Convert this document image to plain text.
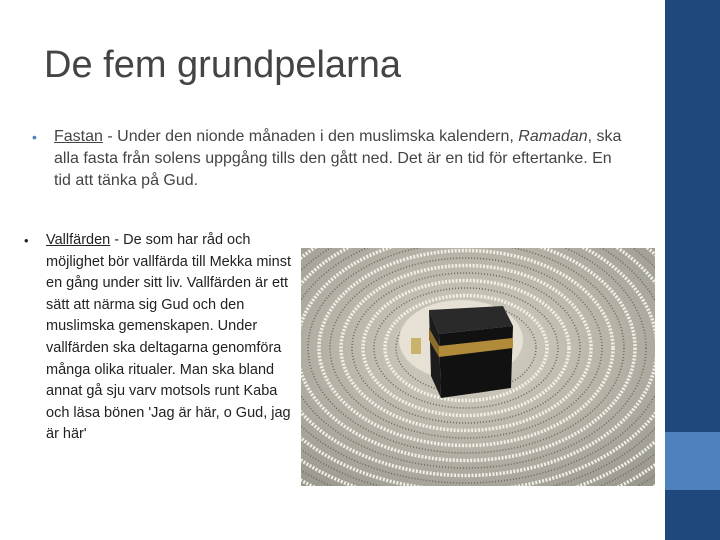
De fem grundpelarna
• Fastan - Under den nionde månaden i den muslimska kalendern, Ramadan, ska alla fasta från solens uppgång tills den gått ned. Det är en tid för eftertanke. En tid att tänka på Gud.
• Vallfärden - De som har råd och möjlighet bör vallfärda till Mekka minst en gång under sitt liv. Vallfärden är ett sätt att närma sig Gud och den muslimska gemenskapen. Under vallfärden ska deltagarna genomföra många olika ritualer. Man ska bland annat gå sju varv motsols runt Kaba och läsa bönen 'Jag är här, o Gud, jag är här'
